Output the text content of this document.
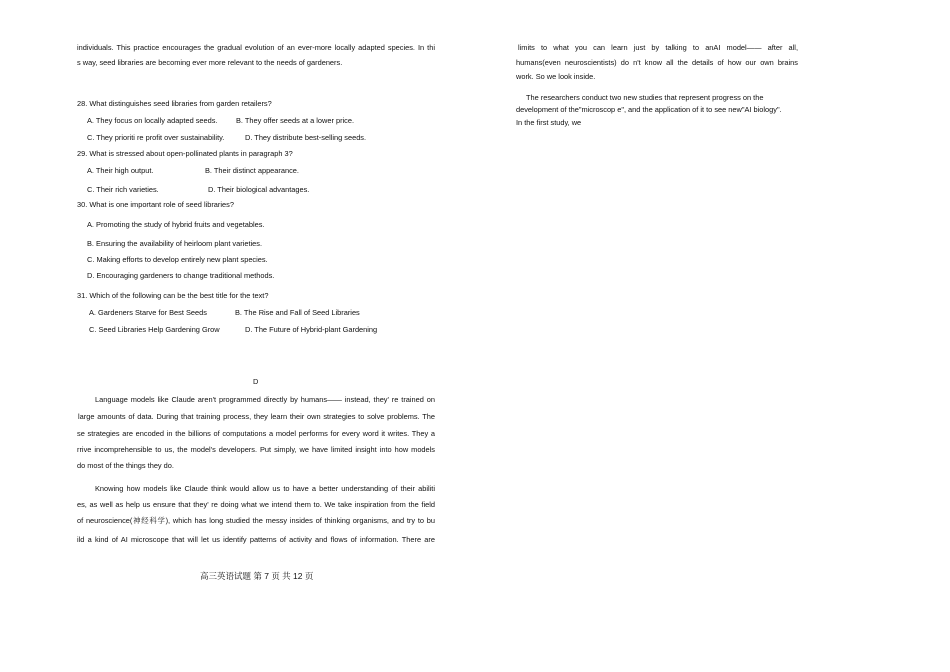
individuals. This practice encourages the gradual evolution of an ever-more locally adapted species. In thi
s way, seed libraries are becoming ever more relevant to the needs of gardeners.
28. What distinguishes seed libraries from garden retailers?
A. They focus on locally adapted seeds. B. They offer seeds at a lower price.
C. They prioriti re profit over sustainability.	D. They distribute best-selling seeds.
29. What is stressed about open-pollinated plants in paragraph 3?
A. Their high output.	B. Their distinct appearance.
C. Their rich varieties.	D. Their biological advantages.
30. What is one important role of seed libraries?
A. Promoting the study of hybrid fruits and vegetables.
B. Ensuring the availability of heirloom plant varieties.
C. Making efforts to develop entirely new plant species.
D. Encouraging gardeners to change traditional methods.
31. Which of the following can be the best title for the text?
A. Gardeners Starve for Best Seeds	B. The Rise and Fall of Seed Libraries
C. Seed Libraries Help Gardening Grow	D. The Future of Hybrid-plant Gardening
D
Language models like Claude aren't programmed directly by humans—— instead, they' re trained on
large amounts of data. During that training process, they learn their own strategies to solve problems. The
se strategies are encoded in the billions of computations a model performs for every word it writes. They a
rrive incomprehensible to us, the model's developers. Put simply, we have limited insight into how models
do most of the things they do.
Knowing how models like Claude think would allow us to have a better understanding of their abiliti
es, as well as help us ensure that they' re doing what we intend them to. We take inspiration from the field
of neuroscience(神经科学), which has long studied the messy insides of thinking organisms, and try to bu
ild a kind of AI microscope that will let us identify patterns of activity and flows of information. There are
高三英语试题 第 7 页 共 12 页
limits to what you can learn just by talking to anAI model—— after all,
humans(even neuroscientists) do n't know all the details of how our own brains
work. So we look inside.
The researchers conduct two new studies that represent progress on the
development of the"microscop e", and the application of it to see new"AI biology".
In the first study, we
